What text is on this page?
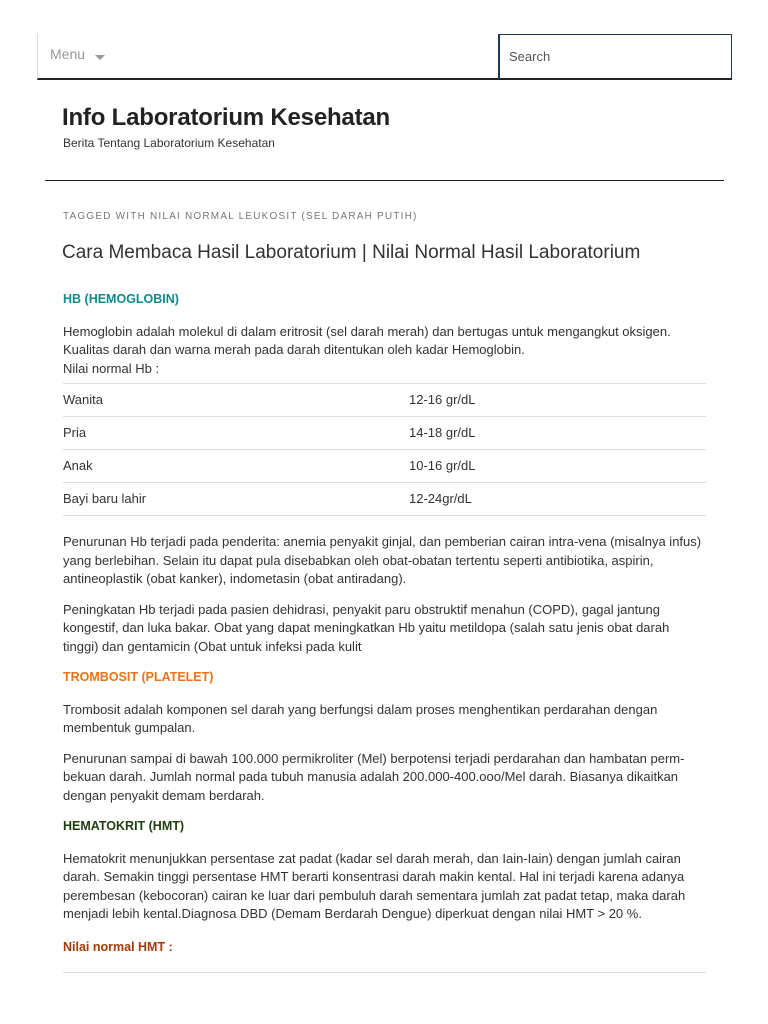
Menu
Search
Info Laboratorium Kesehatan
Berita Tentang Laboratorium Kesehatan
TAGGED WITH NILAI NORMAL LEUKOSIT (SEL DARAH PUTIH)
Cara Membaca Hasil Laboratorium | Nilai Normal Hasil Laboratorium
HB (HEMOGLOBIN)
Hemoglobin adalah molekul di dalam eritrosit (sel darah merah) dan bertugas untuk mengangkut oksigen.
Kualitas darah dan warna merah pada darah ditentukan oleh kadar Hemoglobin.
Nilai normal Hb :
Wanita	12-16 gr/dL
Pria	14-18 gr/dL
Anak	10-16 gr/dL
Bayi baru lahir	12-24gr/dL

Penurunan Hb terjadi pada penderita: anemia penyakit ginjal, dan pemberian cairan intra-vena (misalnya infus) yang berlebihan. Selain itu dapat pula disebabkan oleh obat-obatan tertentu seperti antibiotika, aspirin, antineoplastik (obat kanker), indometasin (obat antiradang).

Peningkatan Hb terjadi pada pasien dehidrasi, penyakit paru obstruktif menahun (COPD), gagal jantung kongestif, dan luka bakar. Obat yang dapat meningkatkan Hb yaitu metildopa (salah satu jenis obat darah tinggi) dan gentamicin (Obat untuk infeksi pada kulit

TROMBOSIT (PLATELET)

Trombosit adalah komponen sel darah yang berfungsi dalam proses menghentikan perdarahan dengan membentuk gumpalan.

Penurunan sampai di bawah 100.000 permikroliter (Mel) berpotensi terjadi perdarahan dan hambatan perm- bekuan darah. Jumlah normal pada tubuh manusia adalah 200.000-400.ooo/Mel darah. Biasanya dikaitkan dengan penyakit demam berdarah.

HEMATOKRIT (HMT)

Hematokrit menunjukkan persentase zat padat (kadar sel darah merah, dan Iain-Iain) dengan jumlah cairan darah. Semakin tinggi persentase HMT berarti konsentrasi darah makin kental. Hal ini terjadi karena adanya perembesan (kebocoran) cairan ke luar dari pembuluh darah sementara jumlah zat padat tetap, maka darah menjadi lebih kental.Diagnosa DBD (Demam Berdarah Dengue) diperkuat dengan nilai HMT > 20 %.

Nilai normal HMT :
